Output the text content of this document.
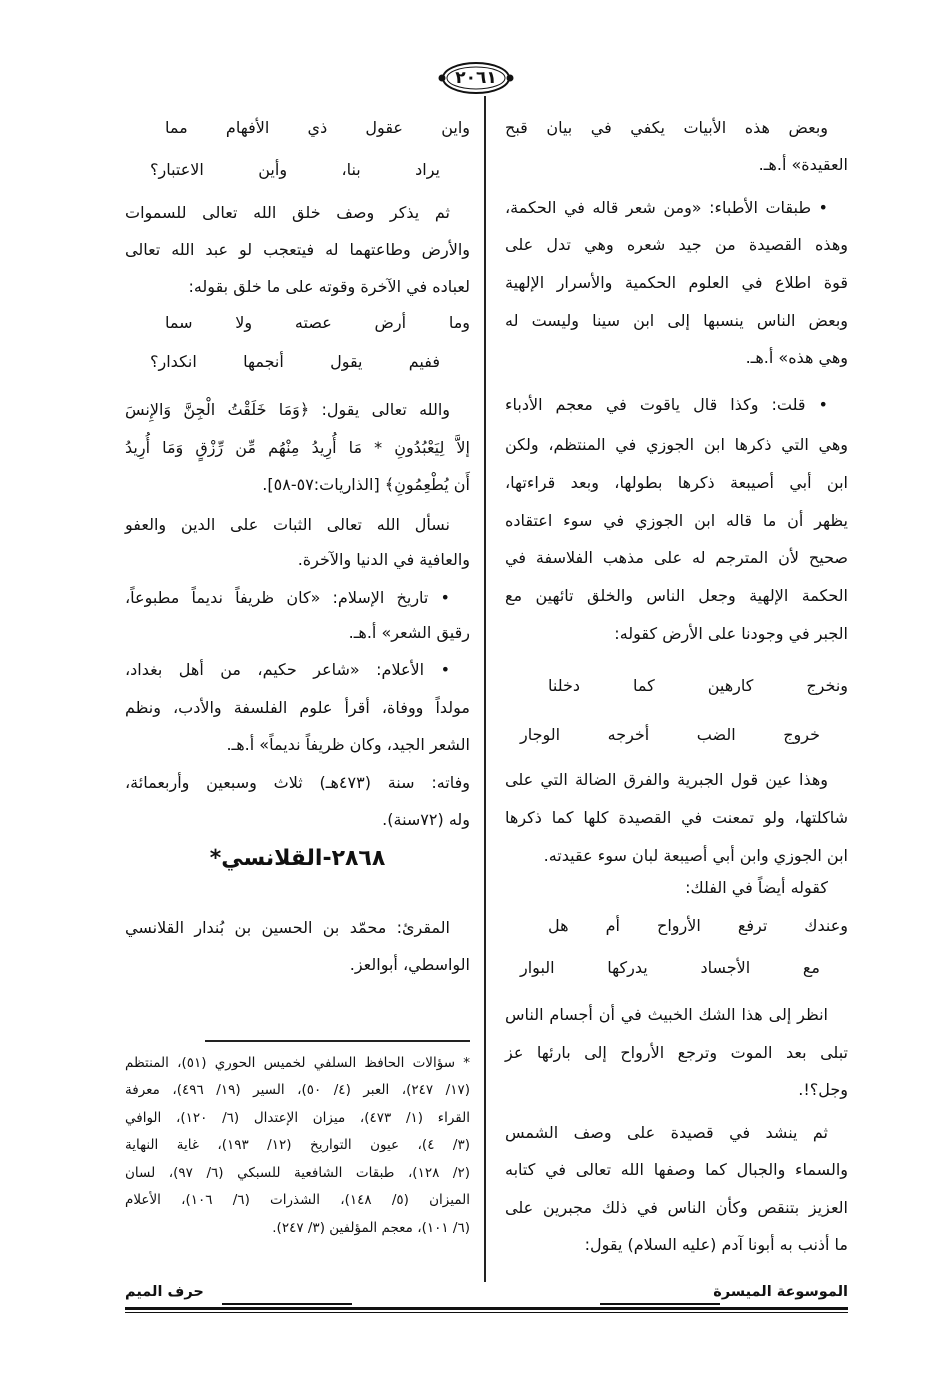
٢٠٦١
وبعض هذه الأبيات يكفي في بيان قبح
العقيدة» أ.هـ.
• طبقات الأطباء: «ومن شعر قاله في الحكمة،
وهذه القصيدة من جيد شعره وهي تدل على
قوة اطلاع في العلوم الحكمية والأسرار الإلهية
وبعض الناس ينسبها إلى ابن سينا وليست له
وهي هذه» أ.هـ.
• قلت: وكذا قال ياقوت في معجم الأدباء
وهي التي ذكرها ابن الجوزي في المنتظم، ولكن
ابن أبي أصيبعة ذكرها بطولها، وبعد قراءتها،
يظهر أن ما قاله ابن الجوزي في سوء اعتقاده
صحيح لأن المترجم له على مذهب الفلاسفة في
الحكمة الإلهية وجعل الناس والخلق تائهين مع
الجبر في وجودنا على الأرض كقوله:
ونخرج كارهين كما دخلنا
خروج الضب أخرجه الوجار
وهذا عين قول الجبرية والفرق الضالة التي على
شاكلتها، ولو تمعنت في القصيدة كلها كما ذكرها
ابن الجوزي وابن أبي أصيبعة لبان سوء عقيدته.
كقوله أيضاً في الفلك:
وعندك ترفع الأرواح أم هل
مع الأجساد يدركها البوار
انظر إلى هذا الشك الخبيث في أن أجسام الناس
تبلى بعد الموت وترجع الأرواح إلى بارئها عز
وجل؟!.
ثم ينشد في قصيدة على وصف الشمس
والسماء والجبال كما وصفها الله تعالى في كتابه
العزيز بتنقص وكأن الناس في ذلك مجبرين على
ما أذنب به أبونا آدم (عليه السلام) يقول:
واين عقول ذي الأفهام مما
يراد بنا، وأين الاعتبار؟
ثم يذكر وصف خلق الله تعالى للسموات
والأرض وطاعتهما له فيتعجب لو عبد الله تعالى
لعباده في الآخرة وقوته على ما خلق بقوله:
وما أرض عصته ولا سما
ففيم يقول أنجمها انكدار؟
والله تعالى يقول: ﴿وَمَا خَلَقْتُ الْجِنَّ وَالإِنسَ
إلاَّ لِيَعْبُدُونِ * مَا أُرِيدُ مِنْهُم مِّن رِّزْقٍ وَمَا أُرِيدُ
أَن يُطْعِمُونِ﴾ [الذاريات:٥٧-٥٨].
نسأل الله تعالى الثبات على الدين والعفو
والعافية في الدنيا والآخرة.
• تاريخ الإسلام: «كان ظريفاً نديماً مطبوعاً،
رقيق الشعر» أ.هـ.
• الأعلام: «شاعر حكيم، من أهل بغداد،
مولداً ووفاة، أقرأ علوم الفلسفة والأدب، ونظم
الشعر الجيد، وكان ظريفاً نديماً» أ.هـ.
وفاته: سنة (٤٧٣هـ) ثلاث وسبعين وأربعمائة،
وله (٧٢سنة).
٢٨٦٨-القلانسي*
المقرئ: محمّد بن الحسين بن بُندار القلانسي
الواسطي، أبوالعز.
* سؤالات الحافظ السلفي لخميس الحوري (٥١)، المنتظم
(١٧/ ٢٤٧)، العبر (٤/ ٥٠)، السير (١٩/ ٤٩٦)، معرفة
القراء (١/ ٤٧٣)، ميزان الإعتدال (٦/ ١٢٠)، الوافي
(٣/ ٤)، عيون التواريخ (١٢/ ١٩٣)، غاية النهاية
(٢/ ١٢٨)، طبقات الشافعية للسبكي (٦/ ٩٧)، لسان
الميزان (٥/ ١٤٨)، الشذرات (٦/ ١٠٦)، الأعلام
(٦/ ١٠١)، معجم المؤلفين (٣/ ٢٤٧).
الموسوعة الميسرة
حرف الميم
